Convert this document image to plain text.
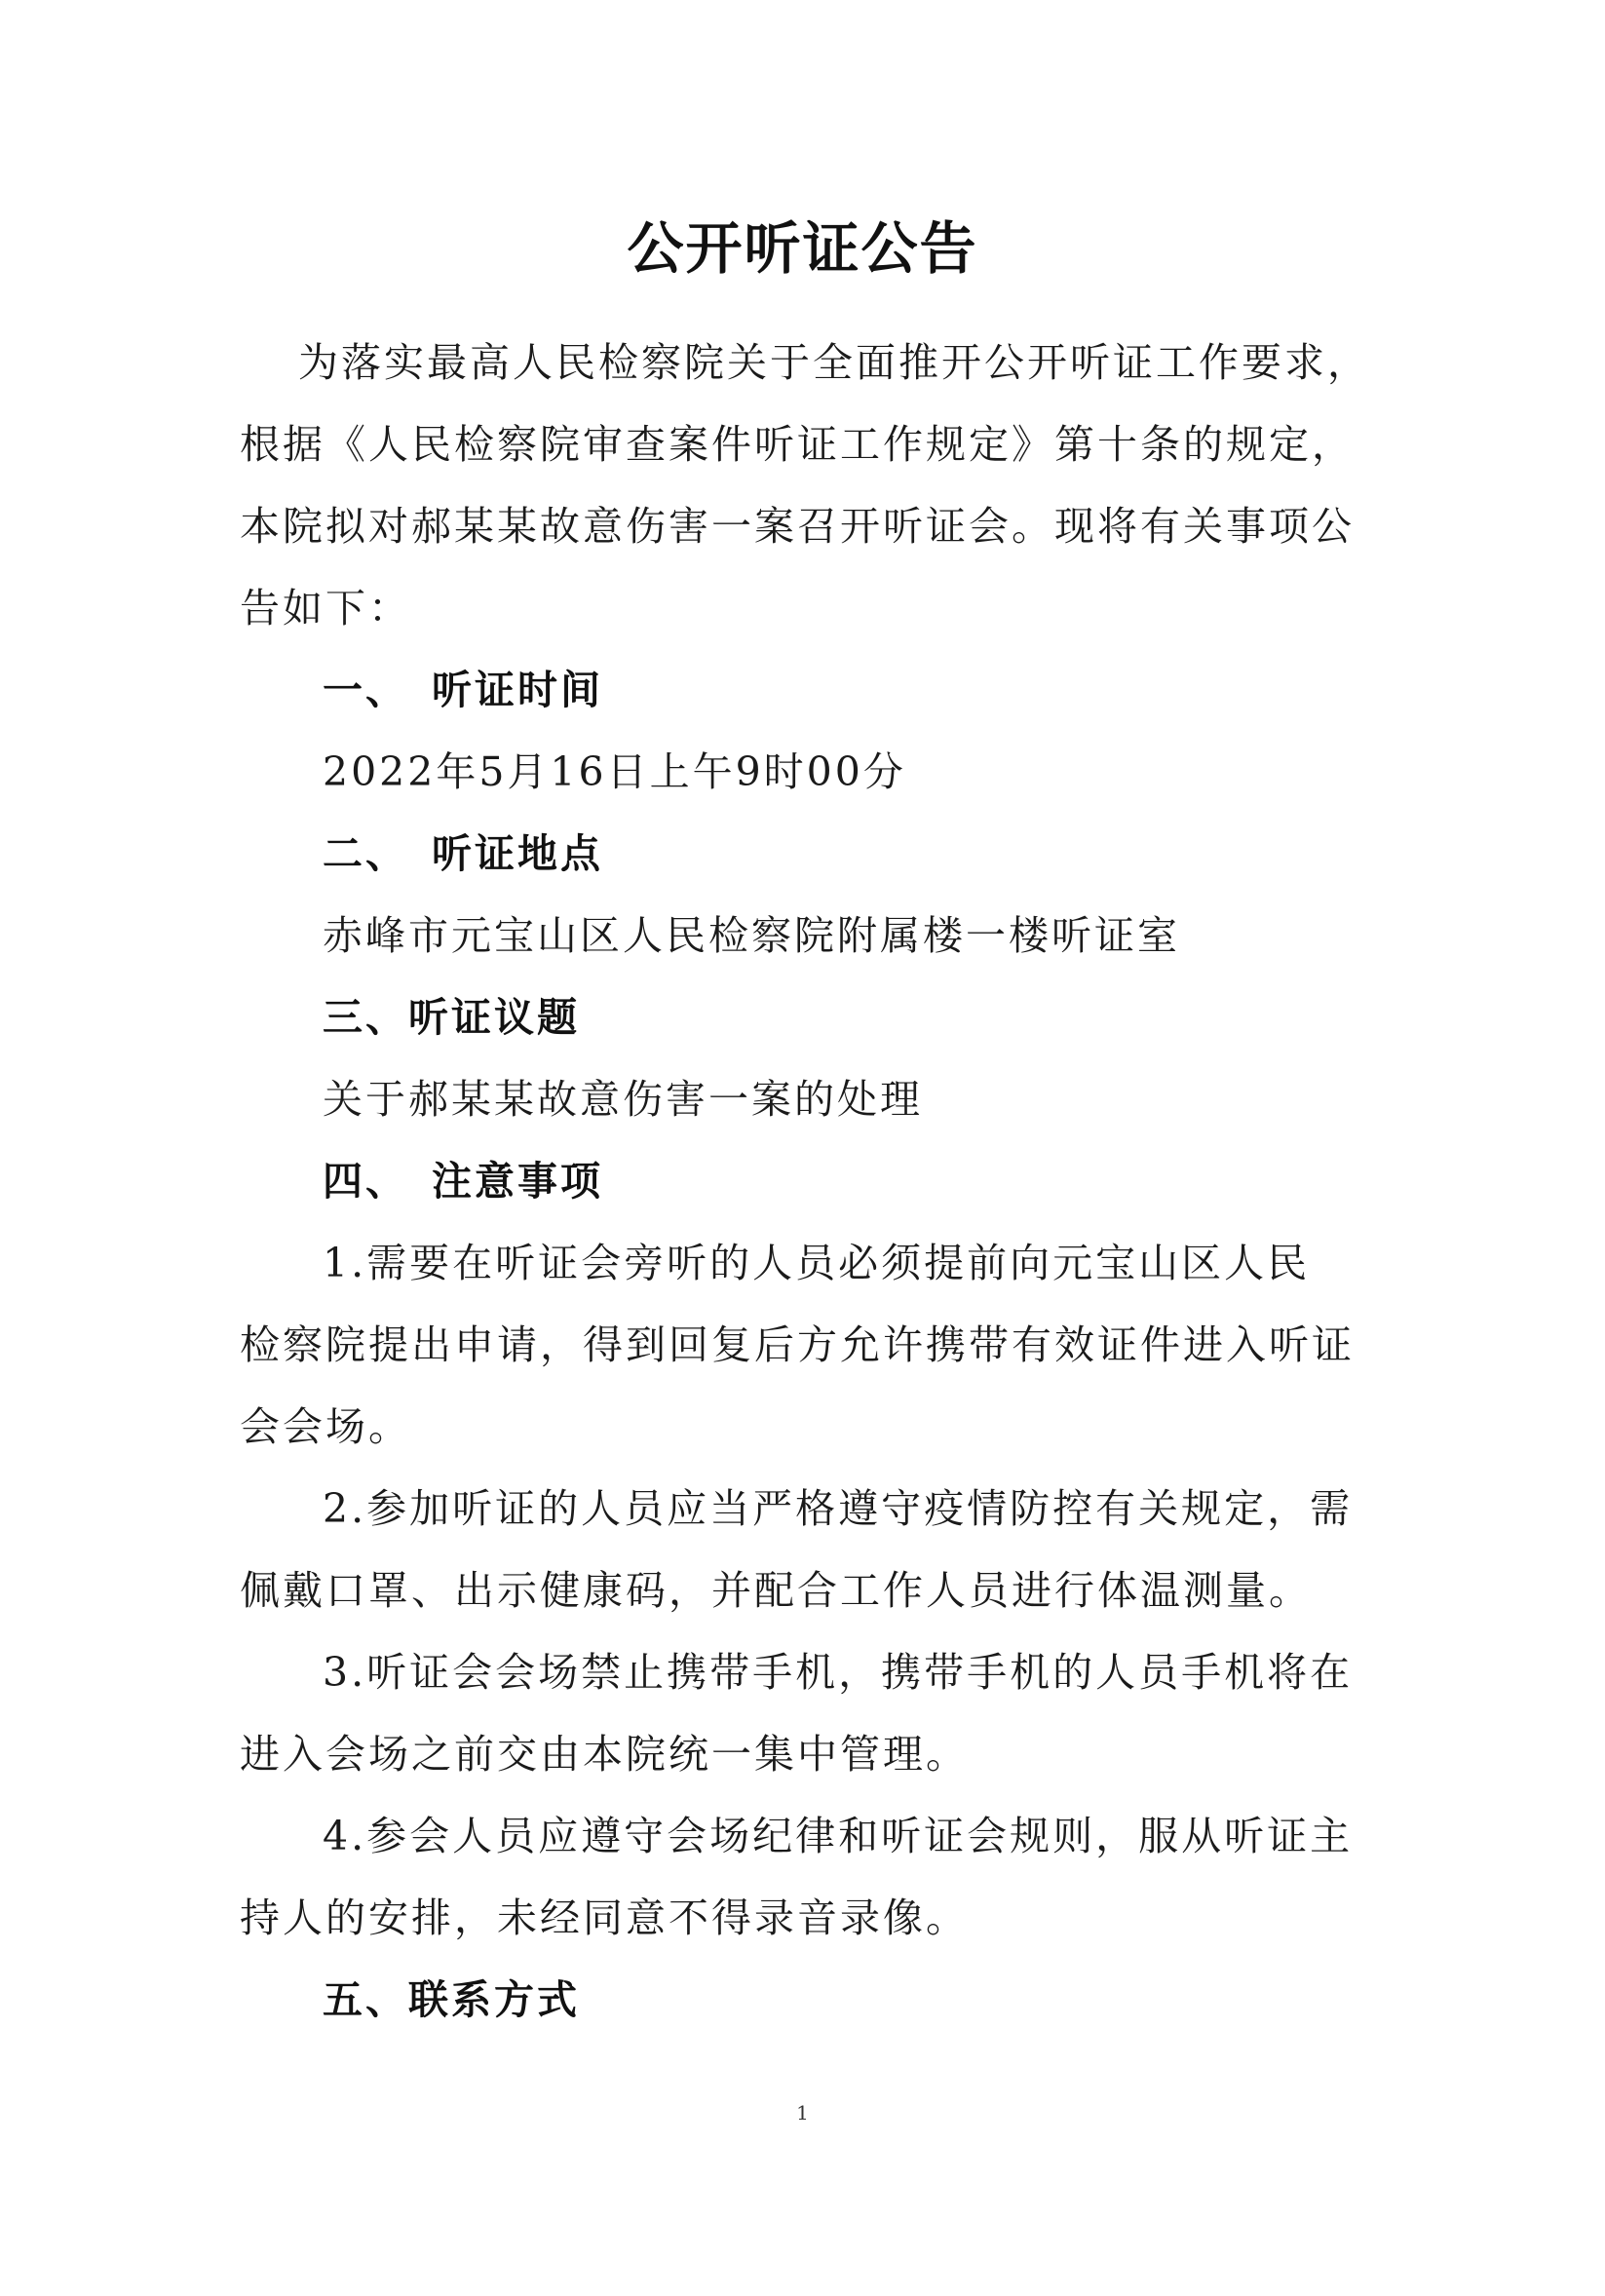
公开听证公告

为落实最高人民检察院关于全面推开公开听证工作要求，

根据《人民检察院审查案件听证工作规定》第十条的规定，

本院拟对郝某某故意伤害一案召开听证会。现将有关事项公

告如下：

一、 听证时间

2022年5月16日上午9时00分

二、 听证地点

赤峰市元宝山区人民检察院附属楼一楼听证室

三、听证议题

关于郝某某故意伤害一案的处理

四、 注意事项

1.需要在听证会旁听的人员必须提前向元宝山区人民

检察院提出申请，得到回复后方允许携带有效证件进入听证

会会场。

2.参加听证的人员应当严格遵守疫情防控有关规定，需

佩戴口罩、出示健康码，并配合工作人员进行体温测量。

3.听证会会场禁止携带手机，携带手机的人员手机将在

进入会场之前交由本院统一集中管理。

4.参会人员应遵守会场纪律和听证会规则，服从听证主

持人的安排，未经同意不得录音录像。

五、联系方式

1
